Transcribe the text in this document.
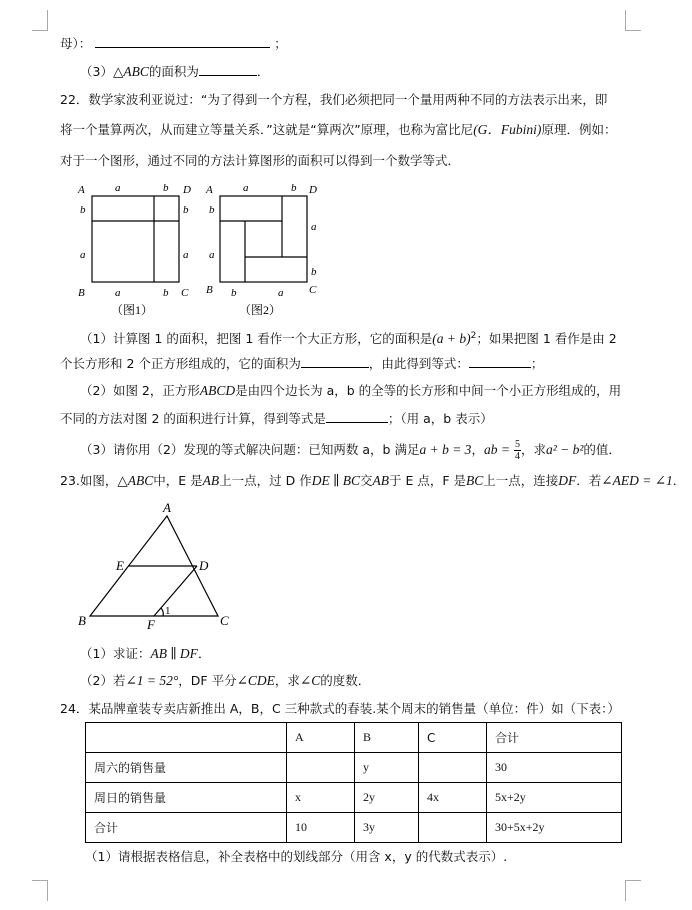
母）：	；
（3）△ABC的面积为	．
22．数学家波利亚说过：“为了得到一个方程，我们必须把同一个量用两种不同的方法表示出来，即
将一个量算两次，从而建立等量关系．”这就是“算两次”原理，也称为富比尼(G．Fubini)原理．例如：
对于一个图形，通过不同的方法计算图形的面积可以得到一个数学等式．
A	a	b D
b	b
a	a
B	a	b C
（图1）
A	a	b D
b
a
a
b
B b	a C
（图2）
（1）计算图 1 的面积，把图 1 看作一个大正方形，它的面积是$(a + b)^2$；如果把图 1 看作是由 2
个长方形和 2 个正方形组成的，它的面积为	，由此得到等式：	；
（2）如图 2，正方形ABCD是由四个边长为 a，b 的全等的长方形和中间一个小正方形组成的，用
不同的方法对图 2 的面积进行计算，得到等式是	；（用 a，b 表示）
（3）请你用（2）发现的等式解决问题：已知两数 a，b 满足a + b = 3，ab = $\frac{5}{4}$ ，求a² − b²的值．
23.如图，△ABC中，E 是AB上一点，过 D 作DE ∥ BC交AB于 E 点，F 是BC上一点，连接DF．若∠AED = ∠1．
A
E	D
B	F	C
1
（1）求证：AB ∥ DF．
（2）若∠1 = 52°，DF 平分∠CDE，求∠C的度数．
24．某品牌童装专卖店新推出 A，B，C 三种款式的春装.某个周末的销售量（单位：件）如（下表：）
	A	B	C	合计
周六的销售量		y		30
周日的销售量	x	2y	4x	5x+2y
合计	10	3y		30+5x+2y
（1）请根据表格信息，补全表格中的划线部分（用含 x，y 的代数式表示）.
